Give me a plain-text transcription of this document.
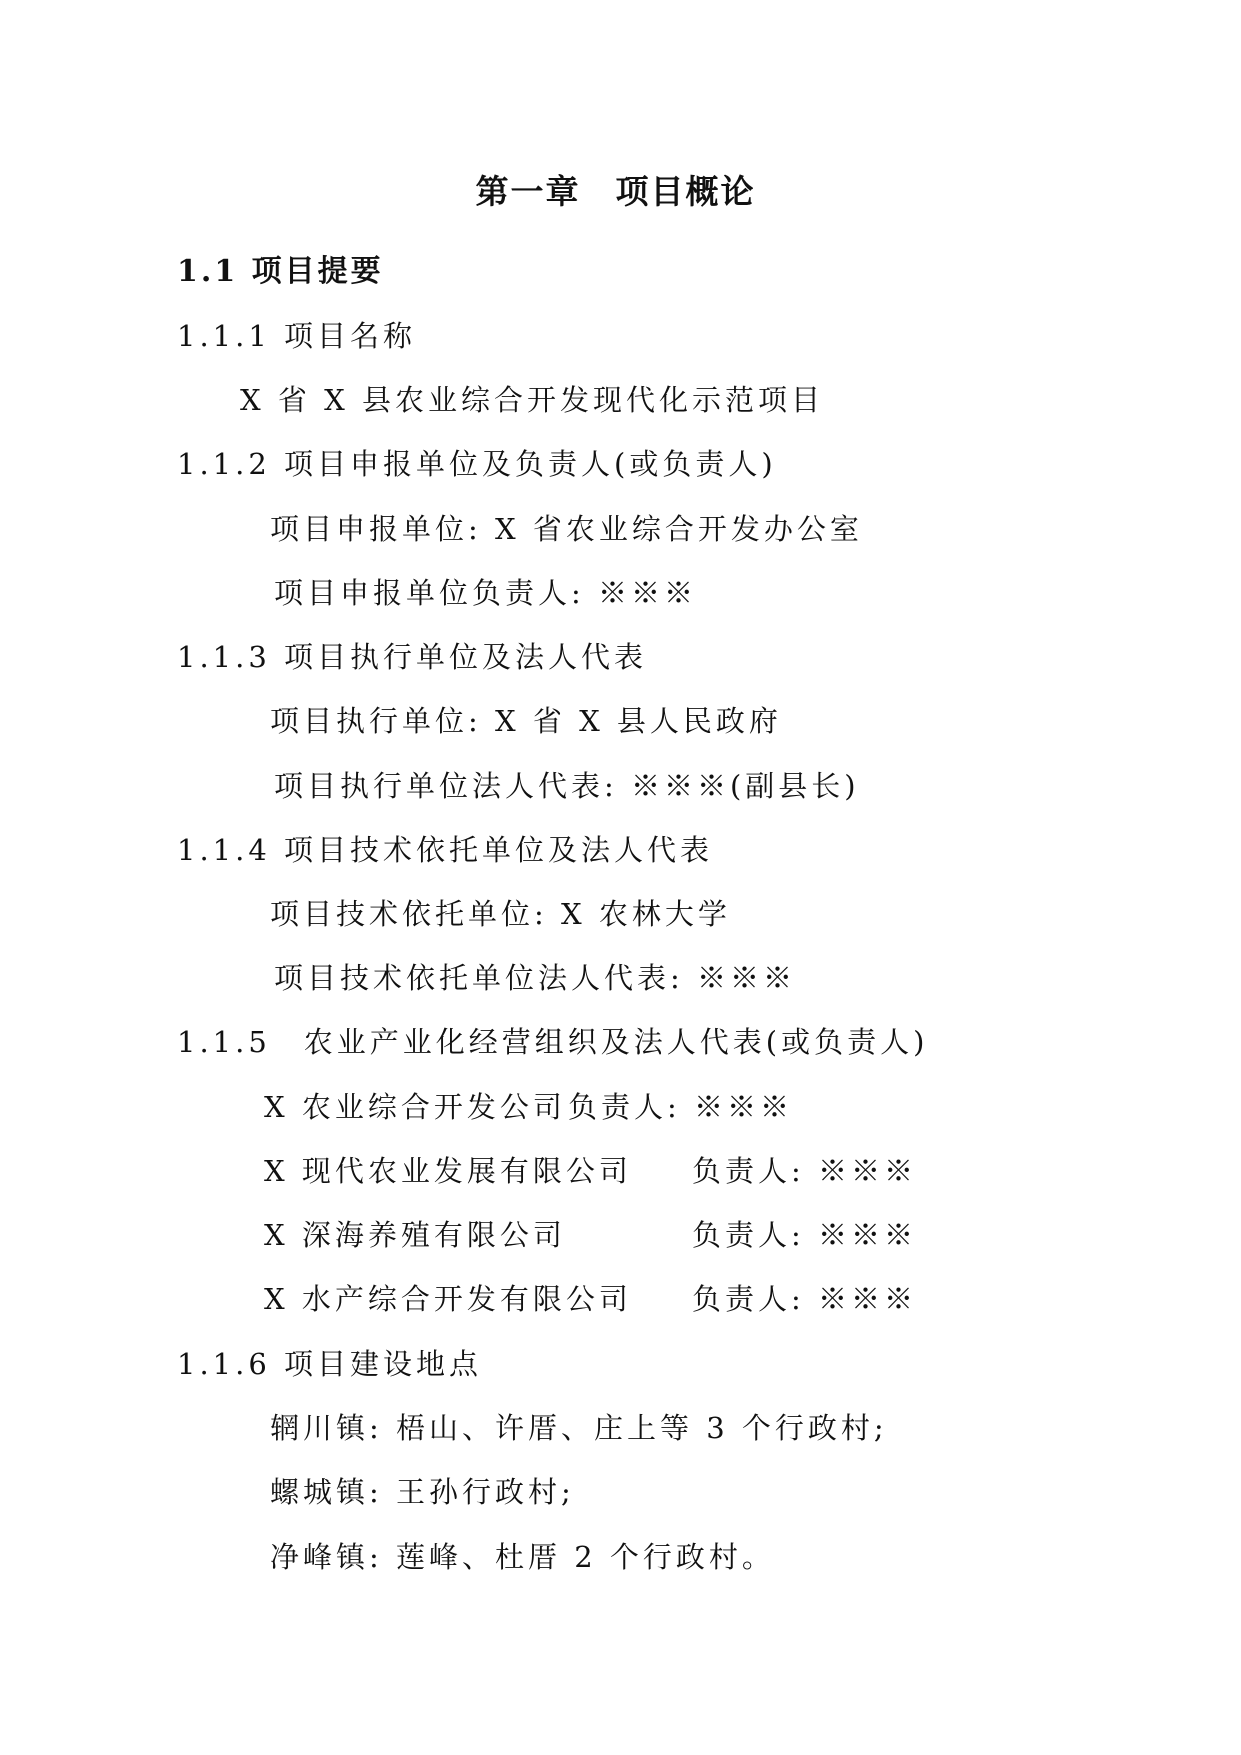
第一章　项目概论
1.1 项目提要
1.1.1 项目名称
X 省 X 县农业综合开发现代化示范项目
1.1.2 项目申报单位及负责人(或负责人)
项目申报单位: X 省农业综合开发办公室
项目申报单位负责人: ※※※
1.1.3 项目执行单位及法人代表
项目执行单位: X 省 X 县人民政府
项目执行单位法人代表: ※※※(副县长)
1.1.4 项目技术依托单位及法人代表
项目技术依托单位: X 农林大学
项目技术依托单位法人代表: ※※※
1.1.5　农业产业化经营组织及法人代表(或负责人)
X 农业综合开发公司 负责人: ※※※
X 现代农业发展有限公司 负责人: ※※※
X 深海养殖有限公司	负责人: ※※※
X 水产综合开发有限公司 负责人: ※※※
1.1.6 项目建设地点
辋川镇: 梧山、许厝、庄上等 3 个行政村;
螺城镇: 王孙行政村;
净峰镇: 莲峰、杜厝 2 个行政村。
